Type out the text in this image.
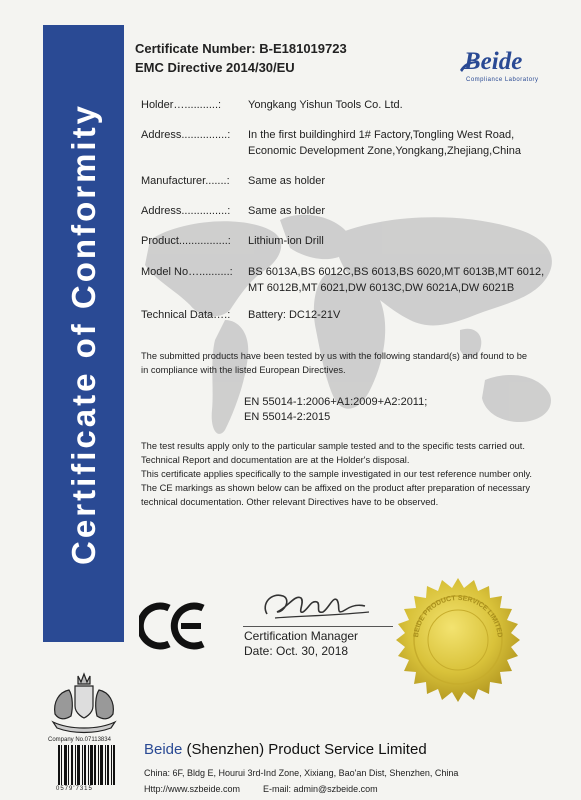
Certificate of Conformity
Certificate Number: B-E181019723
EMC Directive 2014/30/EU	Beide
Compliance Laboratory
Holder…...........: Yongkang Yishun Tools Co. Ltd.
Address...............: In the first buildinghird 1# Factory,Tongling West Road,
Economic Development Zone,Yongkang,Zhejiang,China
Manufacturer.......: Same as holder
Address...............: Same as holder
Product................: Lithium-ion Drill
Model No…..........: BS 6013A,BS 6012C,BS 6013,BS 6020,MT 6013B,MT 6012,
MT 6012B,MT 6021,DW 6013C,DW 6021A,DW 6021B
Technical Data….: Battery: DC12-21V
The submitted products have been tested by us with the following standard(s) and found to be
in compliance with the listed European Directives.
EN 55014-1:2006+A1:2009+A2:2011;
EN 55014-2:2015
The test results apply only to the particular sample tested and to the specific tests carried out.
Technical Report and documentation are at the Holder's disposal.
This certificate applies specifically to the sample investigated in our test reference number only.
The CE markings as shown below can be affixed on the product after preparation of necessary
technical documentation. Other relevant Directives have to be observed.
Certification Manager
Date: Oct. 30, 2018
BEIDE PRODUCT SERVICE LIMITED
Company No.07113834
0579'7315
Beide (Shenzhen) Product Service Limited
China: 6F, Bldg E, Hourui 3rd-Ind Zone, Xixiang, Bao'an Dist, Shenzhen, China
Http://www.szbeide.com	E-mail: admin@szbeide.com
